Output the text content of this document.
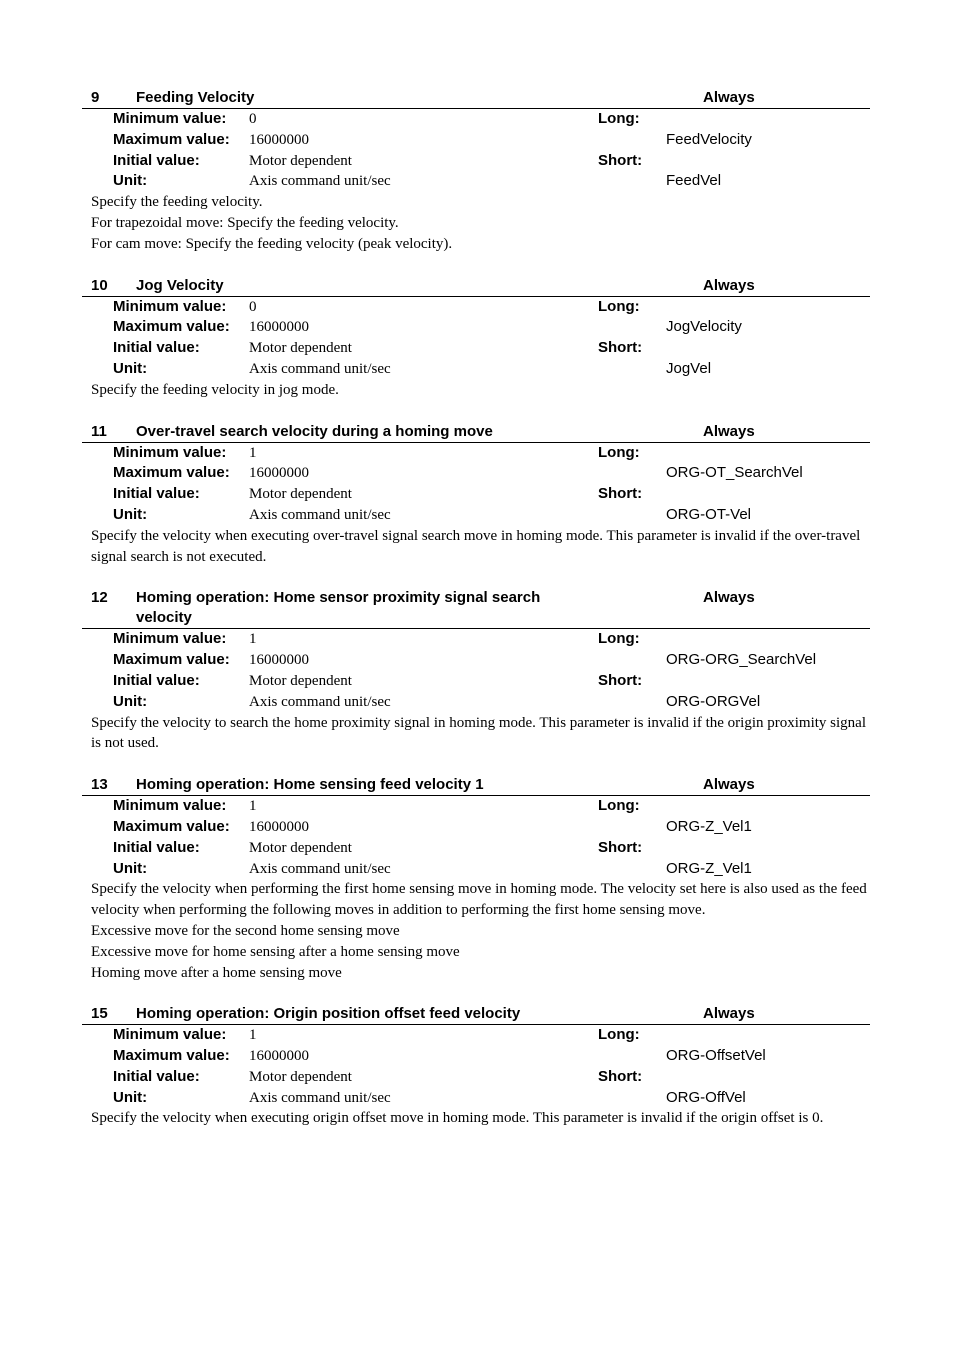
9 Feeding Velocity	Always
Minimum value:	0	Long:
Maximum value:	16000000	FeedVelocity
Initial value:	Motor dependent	Short:
Unit:	Axis command unit/sec	FeedVel

Specify the feeding velocity.

For trapezoidal move: Specify the feeding velocity.

For cam move: Specify the feeding velocity (peak velocity).

10 Jog Velocity	Always
Minimum value:	0	Long:
Maximum value:	16000000	JogVelocity
Initial value:	Motor dependent	Short:
Unit:	Axis command unit/sec	JogVel

Specify the feeding velocity in jog mode.

11 Over-travel search velocity during a homing move	Always
Minimum value:	1	Long:
Maximum value:	16000000	ORG-OT_SearchVel
Initial value:	Motor dependent	Short:
Unit:	Axis command unit/sec	ORG-OT-Vel

Specify the velocity when executing over-travel signal search move in homing mode. This parameter is invalid if the over-travel signal search is not executed.

12 Homing operation: Home sensor proximity signal search velocity
Always
Minimum value:	1	Long:
Maximum value:	16000000	ORG-ORG_SearchVel
Initial value:	Motor dependent	Short:
Unit:	Axis command unit/sec	ORG-ORGVel

Specify the velocity to search the home proximity signal in homing mode. This parameter is invalid if the origin proximity signal is not used.

13 Homing operation: Home sensing feed velocity 1	Always
Minimum value:	1	Long:
Maximum value:	16000000	ORG-Z_Vel1
Initial value:	Motor dependent	Short:
Unit:	Axis command unit/sec	ORG-Z_Vel1

Specify the velocity when performing the first home sensing move in homing mode. The velocity set here is also used as the feed velocity when performing the following moves in addition to performing the first home sensing move.

Excessive move for the second home sensing move

Excessive move for home sensing after a home sensing move

Homing move after a home sensing move

15 Homing operation: Origin position offset feed velocity	Always
Minimum value:	1	Long:
Maximum value:	16000000	ORG-OffsetVel
Initial value:	Motor dependent	Short:
Unit:	Axis command unit/sec	ORG-OffVel

Specify the velocity when executing origin offset move in homing mode. This parameter is invalid if the origin offset is 0.
